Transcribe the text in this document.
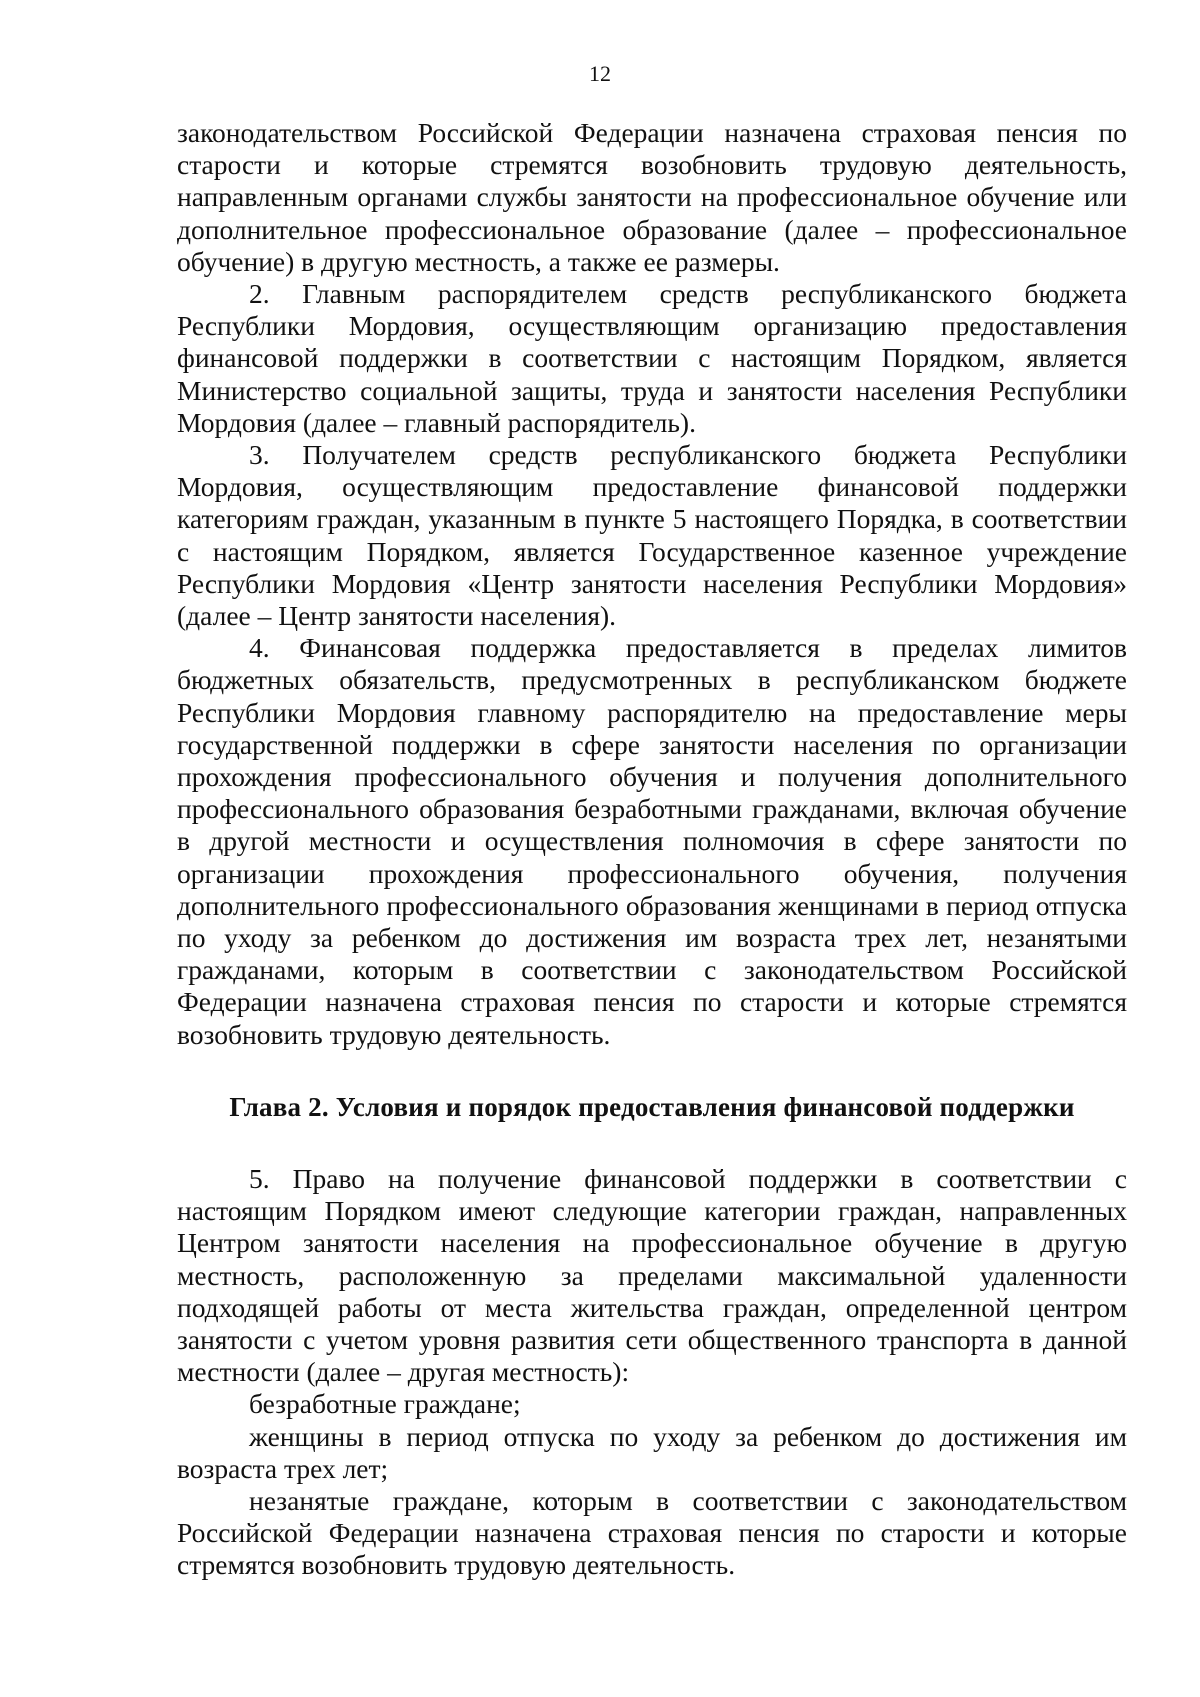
12

законодательством Российской Федерации назначена страховая пенсия по старости и которые стремятся возобновить трудовую деятельность, направленным органами службы занятости на профессиональное обучение или дополнительное профессиональное образование (далее – профессиональное обучение) в другую местность, а также ее размеры.

2. Главным распорядителем средств республиканского бюджета Республики Мордовия, осуществляющим организацию предоставления финансовой поддержки в соответствии с настоящим Порядком, является Министерство социальной защиты, труда и занятости населения Республики Мордовия (далее – главный распорядитель).

3. Получателем средств республиканского бюджета Республики Мордовия, осуществляющим предоставление финансовой поддержки категориям граждан, указанным в пункте 5 настоящего Порядка, в соответствии с настоящим Порядком, является Государственное казенное учреждение Республики Мордовия «Центр занятости населения Республики Мордовия» (далее – Центр занятости населения).

4. Финансовая поддержка предоставляется в пределах лимитов бюджетных обязательств, предусмотренных в республиканском бюджете Республики Мордовия главному распорядителю на предоставление меры государственной поддержки в сфере занятости населения по организации прохождения профессионального обучения и получения дополнительного профессионального образования безработными гражданами, включая обучение в другой местности и осуществления полномочия в сфере занятости по организации прохождения профессионального обучения, получения дополнительного профессионального образования женщинами в период отпуска по уходу за ребенком до достижения им возраста трех лет, незанятыми гражданами, которым в соответствии с законодательством Российской Федерации назначена страховая пенсия по старости и которые стремятся возобновить трудовую деятельность.

Глава 2. Условия и порядок предоставления финансовой поддержки

5. Право на получение финансовой поддержки в соответствии с настоящим Порядком имеют следующие категории граждан, направленных Центром занятости населения на профессиональное обучение в другую местность, расположенную за пределами максимальной удаленности подходящей работы от места жительства граждан, определенной центром занятости с учетом уровня развития сети общественного транспорта в данной местности (далее – другая местность):

безработные граждане;

женщины в период отпуска по уходу за ребенком до достижения им возраста трех лет;

незанятые граждане, которым в соответствии с законодательством Российской Федерации назначена страховая пенсия по старости и которые стремятся возобновить трудовую деятельность.
